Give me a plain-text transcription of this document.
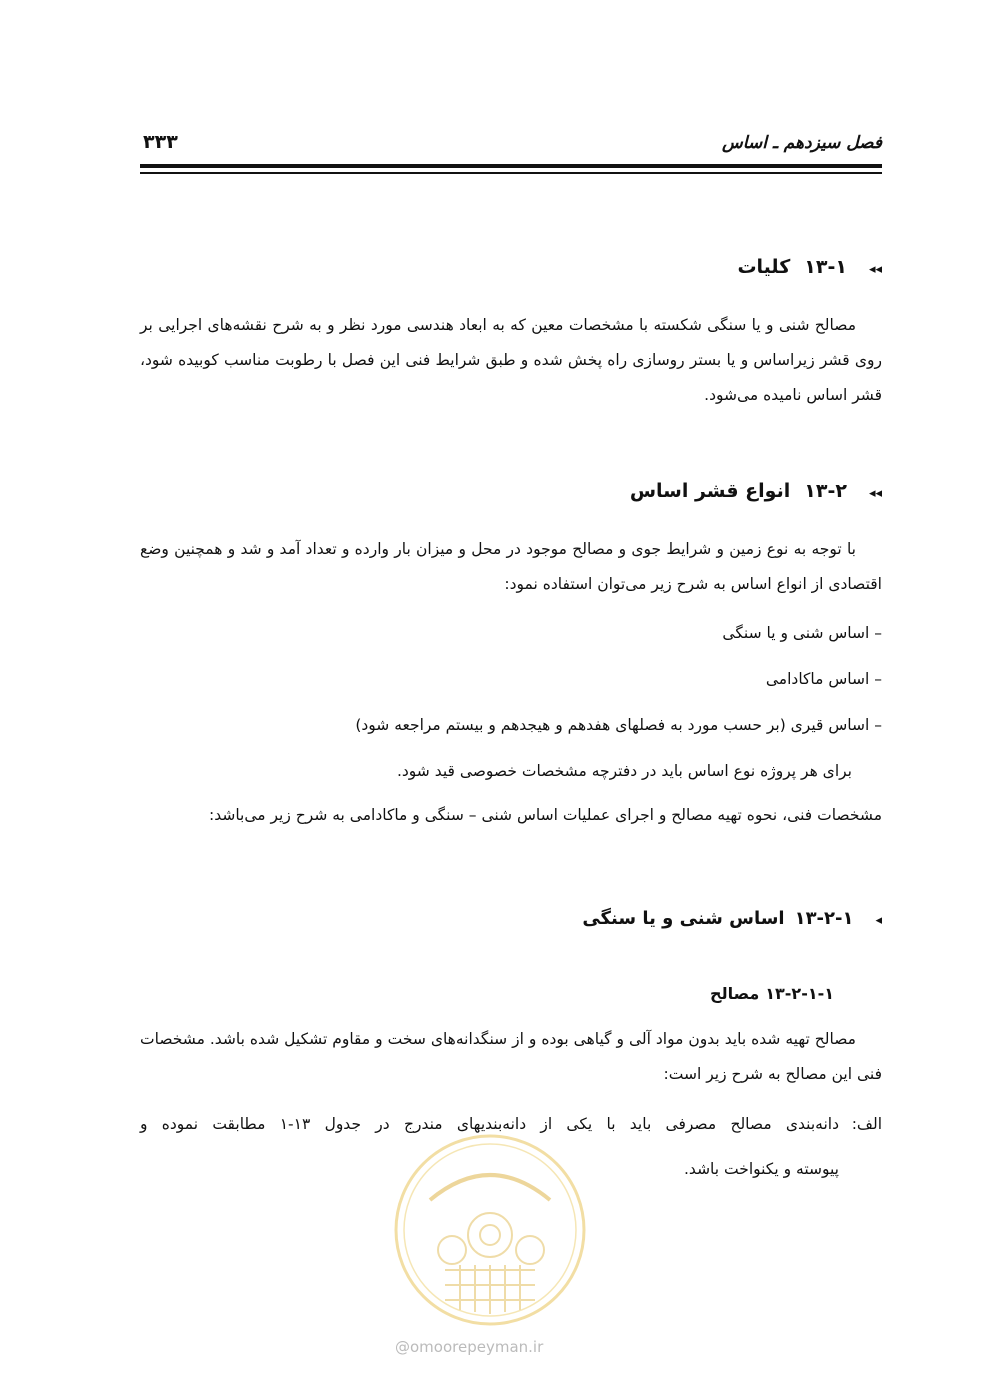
فصل سیزدهم ـ اساس
۳۳۳
◂◂۱۳-۱کلیات
مصالح شنی و یا سنگی شکسته با مشخصات معین که به ابعاد هندسی مورد نظر و به شرح نقشه‌های اجرایی بر روی قشر زیراساس و یا بستر روسازی راه پخش شده و طبق شرایط فنی این فصل با رطوبت مناسب کوبیده شود، قشر اساس نامیده می‌شود.
◂◂۱۳-۲انواع قشر اساس
با توجه به نوع زمین و شرایط جوی و مصالح موجود در محل و میزان بار وارده و تعداد آمد و شد و همچنین وضع اقتصادی از انواع اساس به شرح زیر می‌توان استفاده نمود:
– اساس شنی و یا سنگی
– اساس ماکادامی
– اساس قیری (بر حسب مورد به فصلهای هفدهم و هیجدهم و بیستم مراجعه شود)
برای هر پروژه نوع اساس باید در دفترچه مشخصات خصوصی قید شود.
مشخصات فنی، نحوه تهیه مصالح و اجرای عملیات اساس شنی – سنگی و ماکادامی به شرح زیر می‌باشد:
◂۱۳-۲-۱اساس شنی و یا سنگی
۱۳-۲-۱-۱مصالح
مصالح تهیه شده باید بدون مواد آلی و گیاهی بوده و از سنگدانه‌های سخت و مقاوم تشکیل شده باشد. مشخصات فنی این مصالح به شرح زیر است:
الف:
دانه‌بندی مصالح مصرفی باید با یکی از دانه‌بندیهای مندرج در جدول ۱۳-۱ مطابقت نموده و
پیوسته و یکنواخت باشد.
@omoorepeyman.ir
